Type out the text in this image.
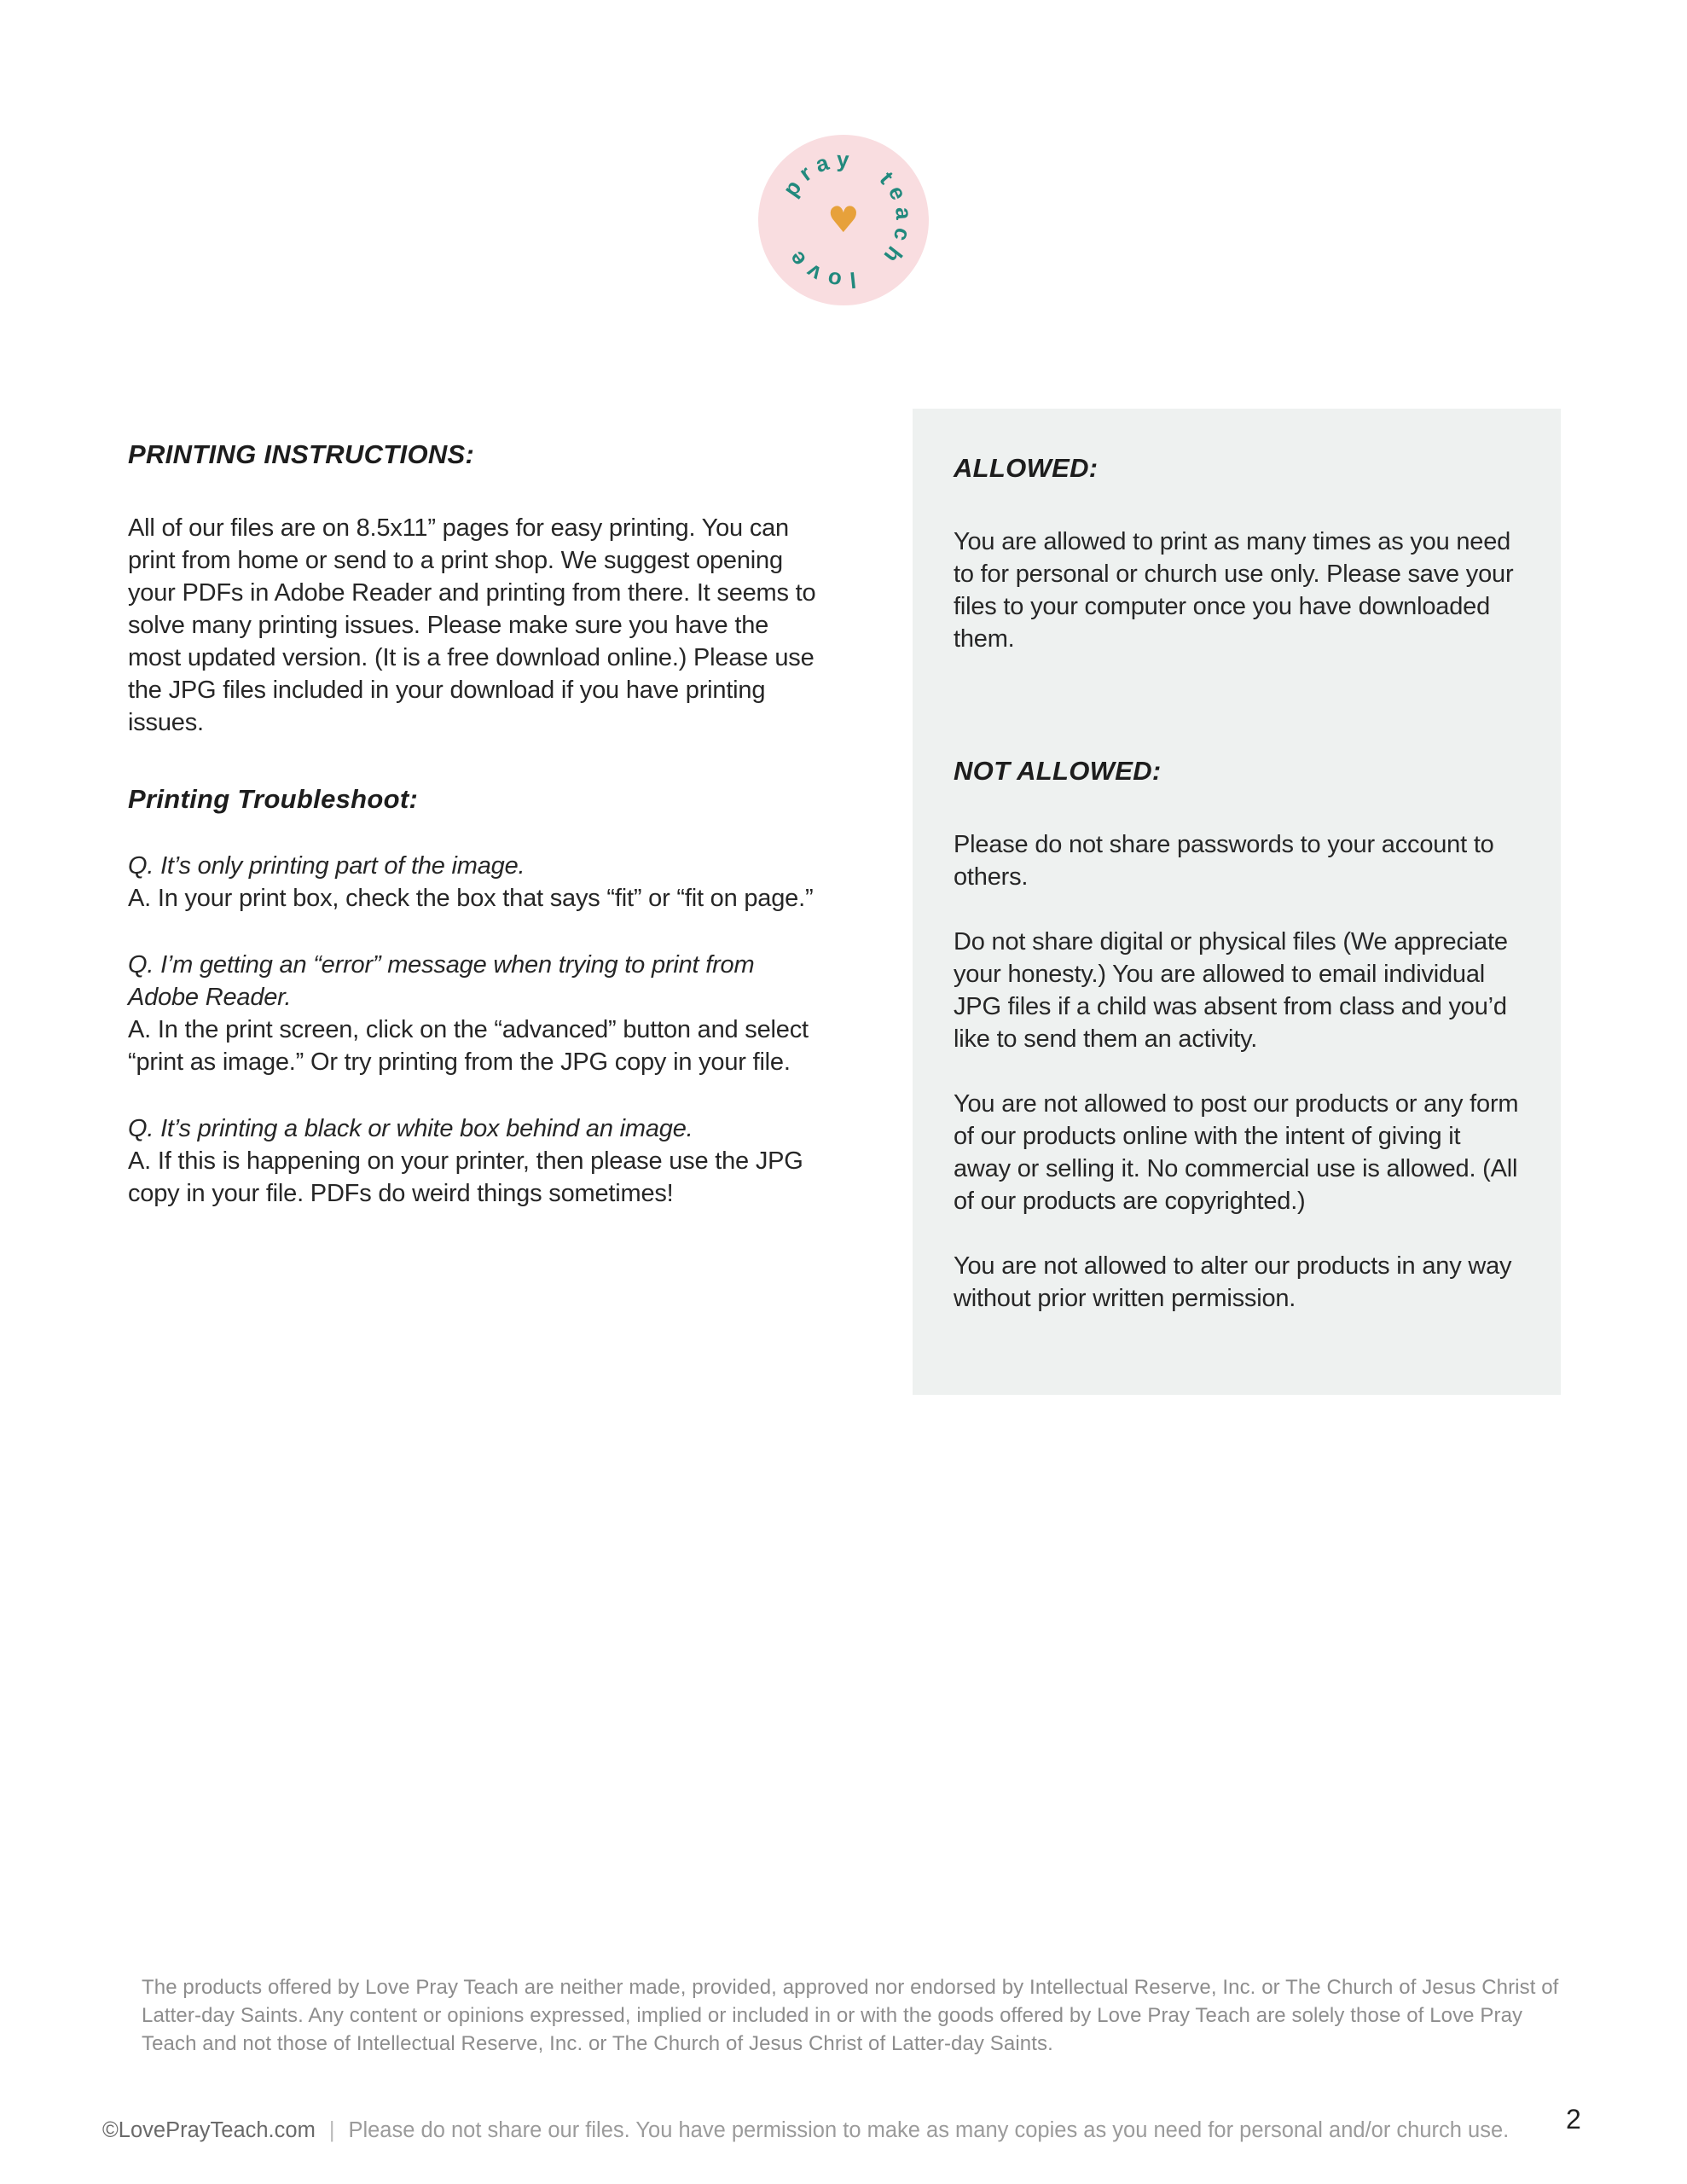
pray teach love
♥
PRINTING INSTRUCTIONS:

All of our files are on 8.5x11” pages for easy printing. You can print from home or send to a print shop. We suggest opening your PDFs in Adobe Reader and printing from there. It seems to solve many printing issues. Please make sure you have the most updated version. (It is a free download online.) Please use the JPG files included in your download if you have printing issues.

Printing Troubleshoot:

Q. It’s only printing part of the image.

A. In your print box, check the box that says “fit” or “fit on page.”

Q. I’m getting an “error” message when trying to print from Adobe Reader.

A. In the print screen, click on the “advanced” button and select “print as image.” Or try printing from the JPG copy in your file.

Q. It’s printing a black or white box behind an image.

A. If this is happening on your printer, then please use the JPG copy in your file. PDFs do weird things sometimes!

ALLOWED:

You are allowed to print as many times as you need to for personal or church use only. Please save your files to your computer once you have downloaded them.

NOT ALLOWED:

Please do not share passwords to your account to others.

Do not share digital or physical files (We appreciate your honesty.) You are allowed to email individual JPG files if a child was absent from class and you’d like to send them an activity.

You are not allowed to post our products or any form of our products online with the intent of giving it away or selling it. No commercial use is allowed. (All of our products are copyrighted.)

You are not allowed to alter our products in any way without prior written permission.

The products offered by Love Pray Teach are neither made, provided, approved nor endorsed by Intellectual Reserve, Inc. or The Church of Jesus Christ of Latter-day Saints. Any content or opinions expressed, implied or included in or with the goods offered by Love Pray Teach are solely those of Love Pray Teach and not those of Intellectual Reserve, Inc. or The Church of Jesus Christ of Latter-day Saints.

©LovePrayTeach.com | Please do not share our files. You have permission to make as many copies as you need for personal and/or church use. 2
